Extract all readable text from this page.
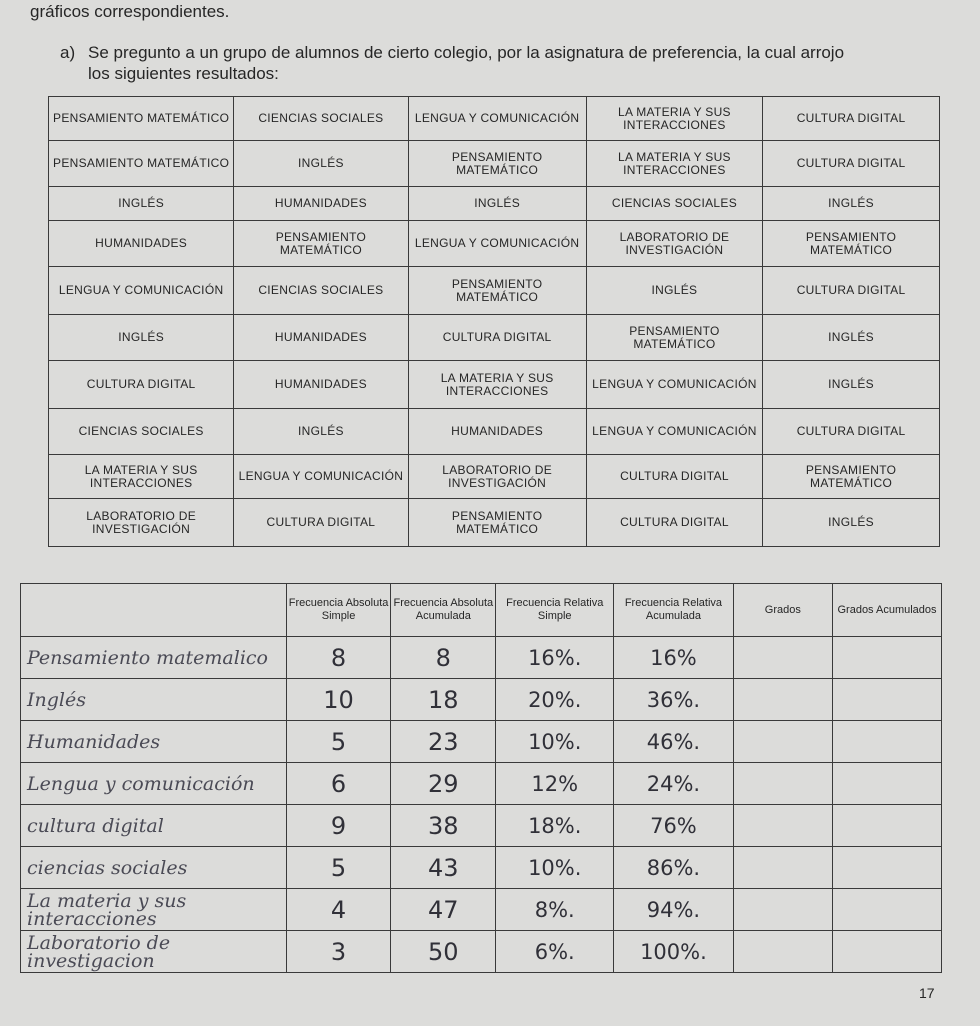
gráficos correspondientes.
a) Se pregunto a un grupo de alumnos de cierto colegio, por la asignatura de preferencia, la cual arrojo
los siguientes resultados:
PENSAMIENTO MATEMÁTICO	CIENCIAS SOCIALES	LENGUA Y COMUNICACIÓN	LA MATERIA Y SUS INTERACCIONES	CULTURA DIGITAL
PENSAMIENTO MATEMÁTICO	INGLÉS	PENSAMIENTO MATEMÁTICO	LA MATERIA Y SUS INTERACCIONES	CULTURA DIGITAL
INGLÉS	HUMANIDADES	INGLÉS	CIENCIAS SOCIALES	INGLÉS
HUMANIDADES	PENSAMIENTO MATEMÁTICO	LENGUA Y COMUNICACIÓN	LABORATORIO DE INVESTIGACIÓN	PENSAMIENTO MATEMÁTICO
LENGUA Y COMUNICACIÓN	CIENCIAS SOCIALES	PENSAMIENTO MATEMÁTICO	INGLÉS	CULTURA DIGITAL
INGLÉS	HUMANIDADES	CULTURA DIGITAL	PENSAMIENTO MATEMÁTICO	INGLÉS
CULTURA DIGITAL	HUMANIDADES	LA MATERIA Y SUS INTERACCIONES	LENGUA Y COMUNICACIÓN	INGLÉS
CIENCIAS SOCIALES	INGLÉS	HUMANIDADES	LENGUA Y COMUNICACIÓN	CULTURA DIGITAL
LA MATERIA Y SUS INTERACCIONES	LENGUA Y COMUNICACIÓN	LABORATORIO DE INVESTIGACIÓN	CULTURA DIGITAL	PENSAMIENTO MATEMÁTICO
LABORATORIO DE INVESTIGACIÓN	CULTURA DIGITAL	PENSAMIENTO MATEMÁTICO	CULTURA DIGITAL	INGLÉS
	Frecuencia Absoluta Simple	Frecuencia Absoluta Acumulada	Frecuencia Relativa Simple	Frecuencia Relativa Acumulada	Grados	Grados Acumulados
Pensamiento matemalico	8	8	16%.	16%		
Inglés	10	18	20%.	36%.		
Humanidades	5	23	10%.	46%.		
Lengua y comunicación	6	29	12%	24%.		
cultura digital	9	38	18%.	76%		
ciencias sociales	5	43	10%.	86%.		
La materia y sus interacciones	4	47	8%.	94%.		
Laboratorio de investigacion	3	50	6%.	100%.		
17
